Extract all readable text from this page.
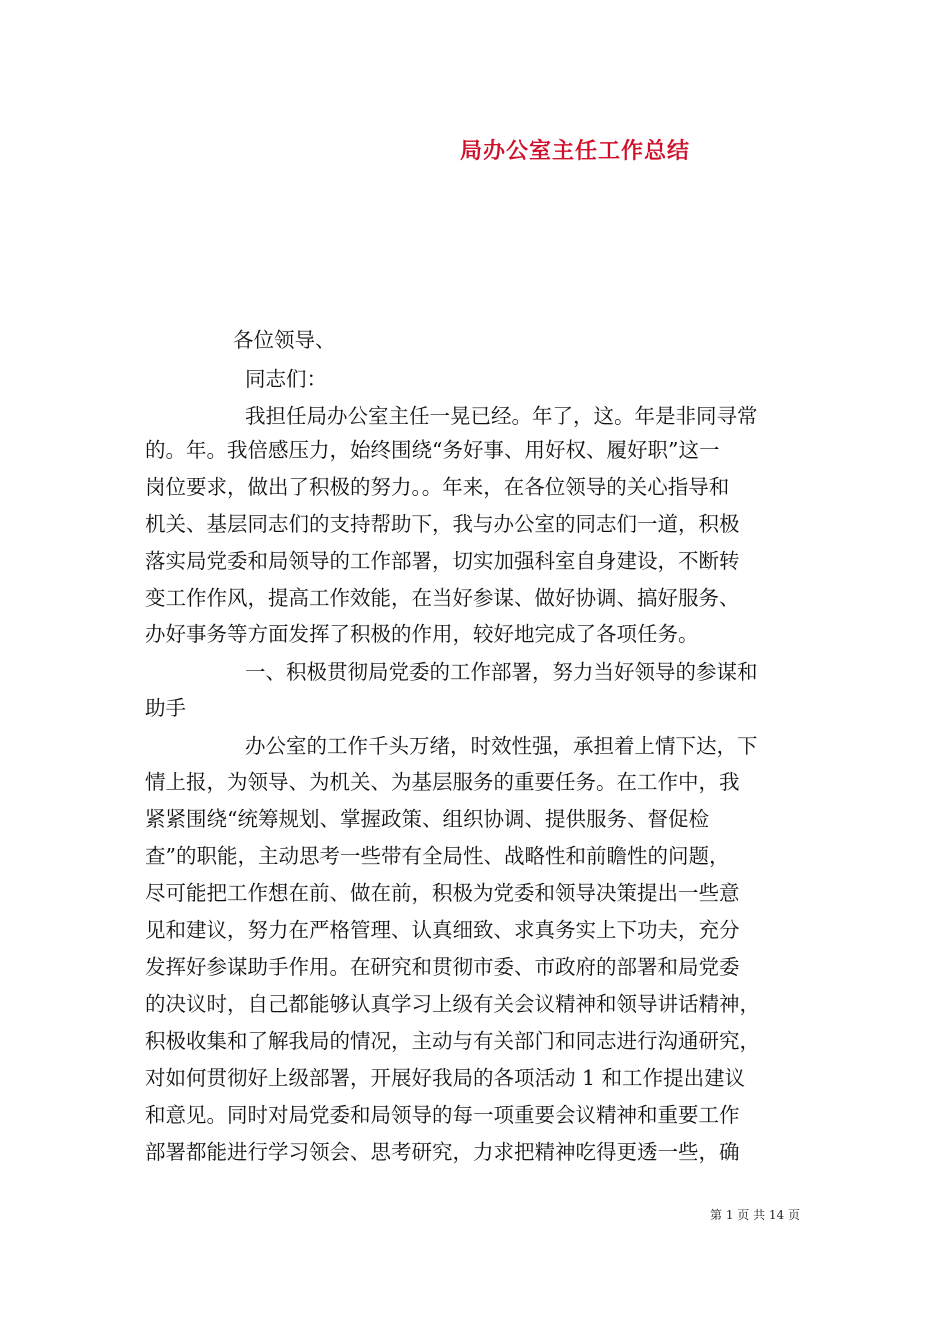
局办公室主任工作总结
各位领导、
同志们：
我担任局办公室主任一晃已经。年了，这。年是非同寻常
的。年。我倍感压力，始终围绕“务好事、用好权、履好职”这一
岗位要求，做出了积极的努力。。年来，在各位领导的关心指导和
机关、基层同志们的支持帮助下，我与办公室的同志们一道，积极
落实局党委和局领导的工作部署，切实加强科室自身建设，不断转
变工作作风，提高工作效能，在当好参谋、做好协调、搞好服务、
办好事务等方面发挥了积极的作用，较好地完成了各项任务。
一、积极贯彻局党委的工作部署，努力当好领导的参谋和
助手
办公室的工作千头万绪，时效性强，承担着上情下达，下
情上报，为领导、为机关、为基层服务的重要任务。在工作中，我
紧紧围绕“统筹规划、掌握政策、组织协调、提供服务、督促检
查”的职能，主动思考一些带有全局性、战略性和前瞻性的问题，
尽可能把工作想在前、做在前，积极为党委和领导决策提出一些意
见和建议，努力在严格管理、认真细致、求真务实上下功夫，充分
发挥好参谋助手作用。在研究和贯彻市委、市政府的部署和局党委
的决议时，自己都能够认真学习上级有关会议精神和领导讲话精神，
积极收集和了解我局的情况，主动与有关部门和同志进行沟通研究，
对如何贯彻好上级部署，开展好我局的各项活动 1 和工作提出建议
和意见。同时对局党委和局领导的每一项重要会议精神和重要工作
部署都能进行学习领会、思考研究，力求把精神吃得更透一些，确
第 1 页 共 14 页
